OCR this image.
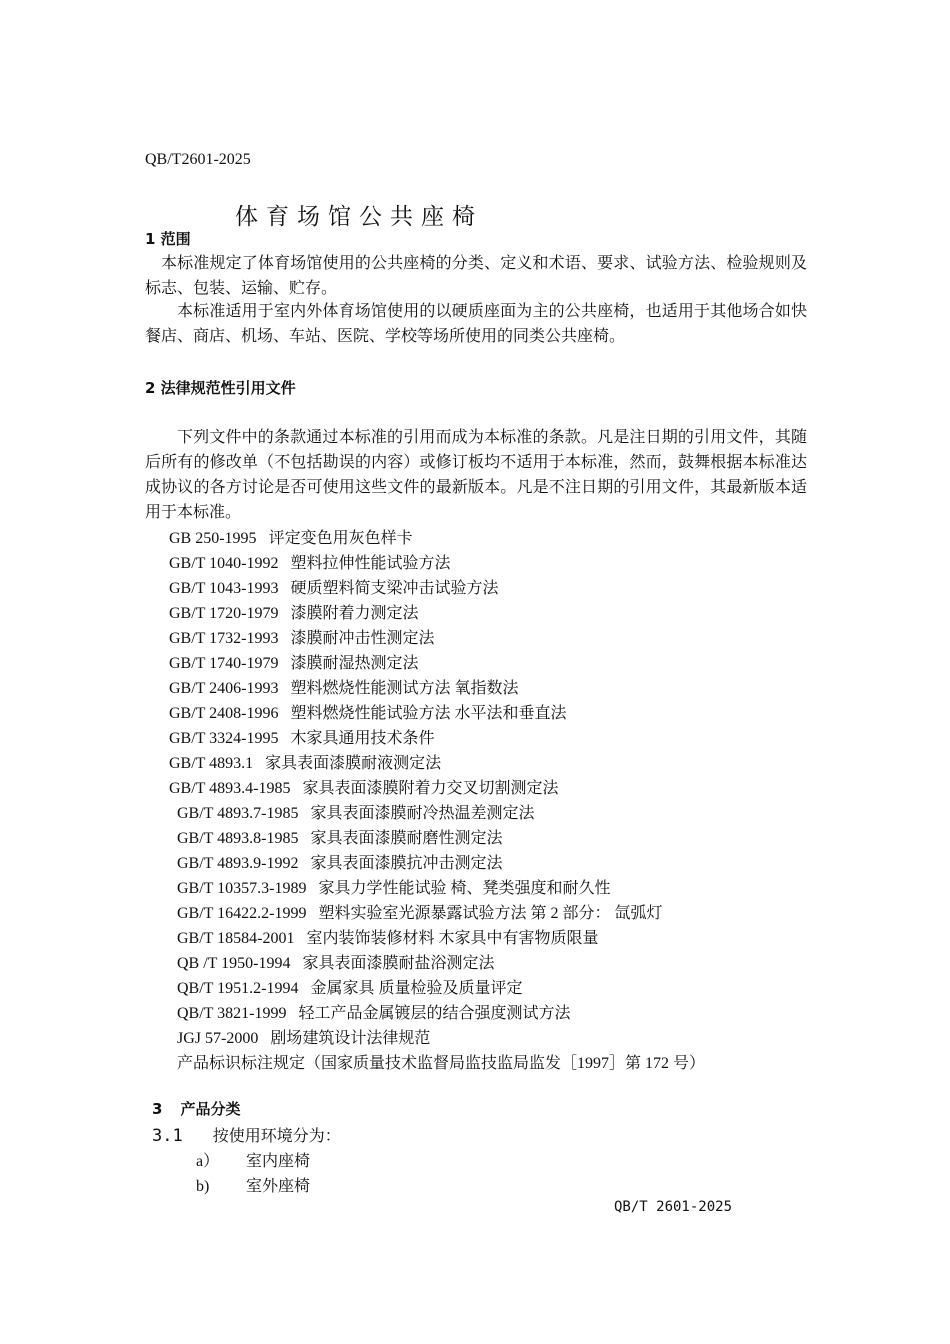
QB/T2601-2025
体育场馆公共座椅
1 范围
本标准规定了体育场馆使用的公共座椅的分类、定义和术语、要求、试验方法、检验规则及标志、包装、运输、贮存。
本标准适用于室内外体育场馆使用的以硬质座面为主的公共座椅，也适用于其他场合如快餐店、商店、机场、车站、医院、学校等场所使用的同类公共座椅。
2 法律规范性引用文件
下列文件中的条款通过本标准的引用而成为本标准的条款。凡是注日期的引用文件，其随后所有的修改单（不包括勘误的内容）或修订板均不适用于本标准，然而，鼓舞根据本标准达成协议的各方讨论是否可使用这些文件的最新版本。凡是不注日期的引用文件，其最新版本适用于本标准。
GB 250-1995 评定变色用灰色样卡
GB/T 1040-1992 塑料拉伸性能试验方法
GB/T 1043-1993 硬质塑料简支梁冲击试验方法
GB/T 1720-1979 漆膜附着力测定法
GB/T 1732-1993 漆膜耐冲击性测定法
GB/T 1740-1979 漆膜耐湿热测定法
GB/T 2406-1993 塑料燃烧性能测试方法 氧指数法
GB/T 2408-1996 塑料燃烧性能试验方法 水平法和垂直法
GB/T 3324-1995 木家具通用技术条件
GB/T 4893.1 家具表面漆膜耐液测定法
GB/T 4893.4-1985 家具表面漆膜附着力交叉切割测定法
GB/T 4893.7-1985 家具表面漆膜耐冷热温差测定法
GB/T 4893.8-1985 家具表面漆膜耐磨性测定法
GB/T 4893.9-1992 家具表面漆膜抗冲击测定法
GB/T 10357.3-1989 家具力学性能试验 椅、凳类强度和耐久性
GB/T 16422.2-1999 塑料实验室光源暴露试验方法 第 2 部分： 氙弧灯
GB/T 18584-2001 室内装饰装修材料 木家具中有害物质限量
QB /T 1950-1994 家具表面漆膜耐盐浴测定法
QB/T 1951.2-1994 金属家具 质量检验及质量评定
QB/T 3821-1999 轻工产品金属镀层的结合强度测试方法
JGJ 57-2000 剧场建筑设计法律规范
产品标识标注规定（国家质量技术监督局监技监局监发［1997］第 172 号）
3 产品分类
3.1 按使用环境分为：
a） 室内座椅
b) 室外座椅
QB/T 2601-2025
